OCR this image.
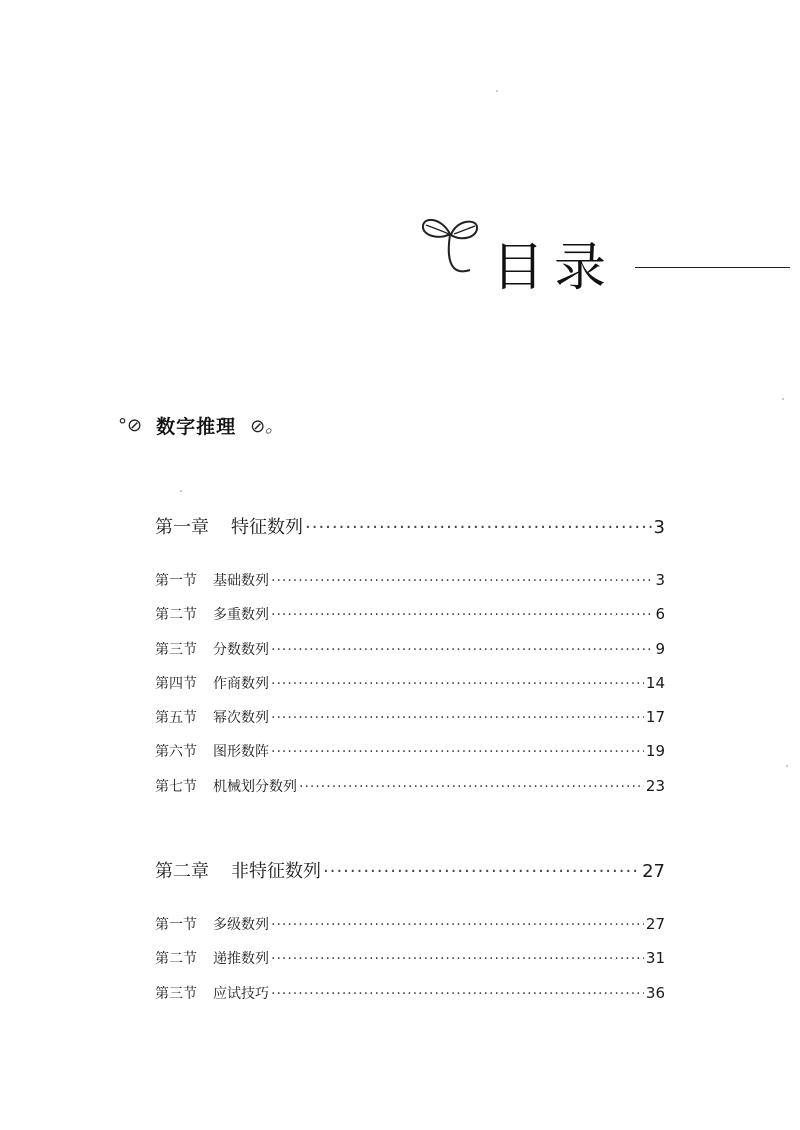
目录
°⊘ 数字推理 ⊘。
第一章 特征数列 ·····	3
第一节 基础数列 ·····	3
第二节 多重数列 ·····	6
第三节 分数数列 ·····	9
第四节 作商数列 ·····	14
第五节 幂次数列 ·····	17
第六节 图形数阵 ·····	19
第七节 机械划分数列 ·····	23
第二章 非特征数列 ·····	27
第一节 多级数列 ·····	27
第二节 递推数列 ·····	31
第三节 应试技巧 ·····	36
